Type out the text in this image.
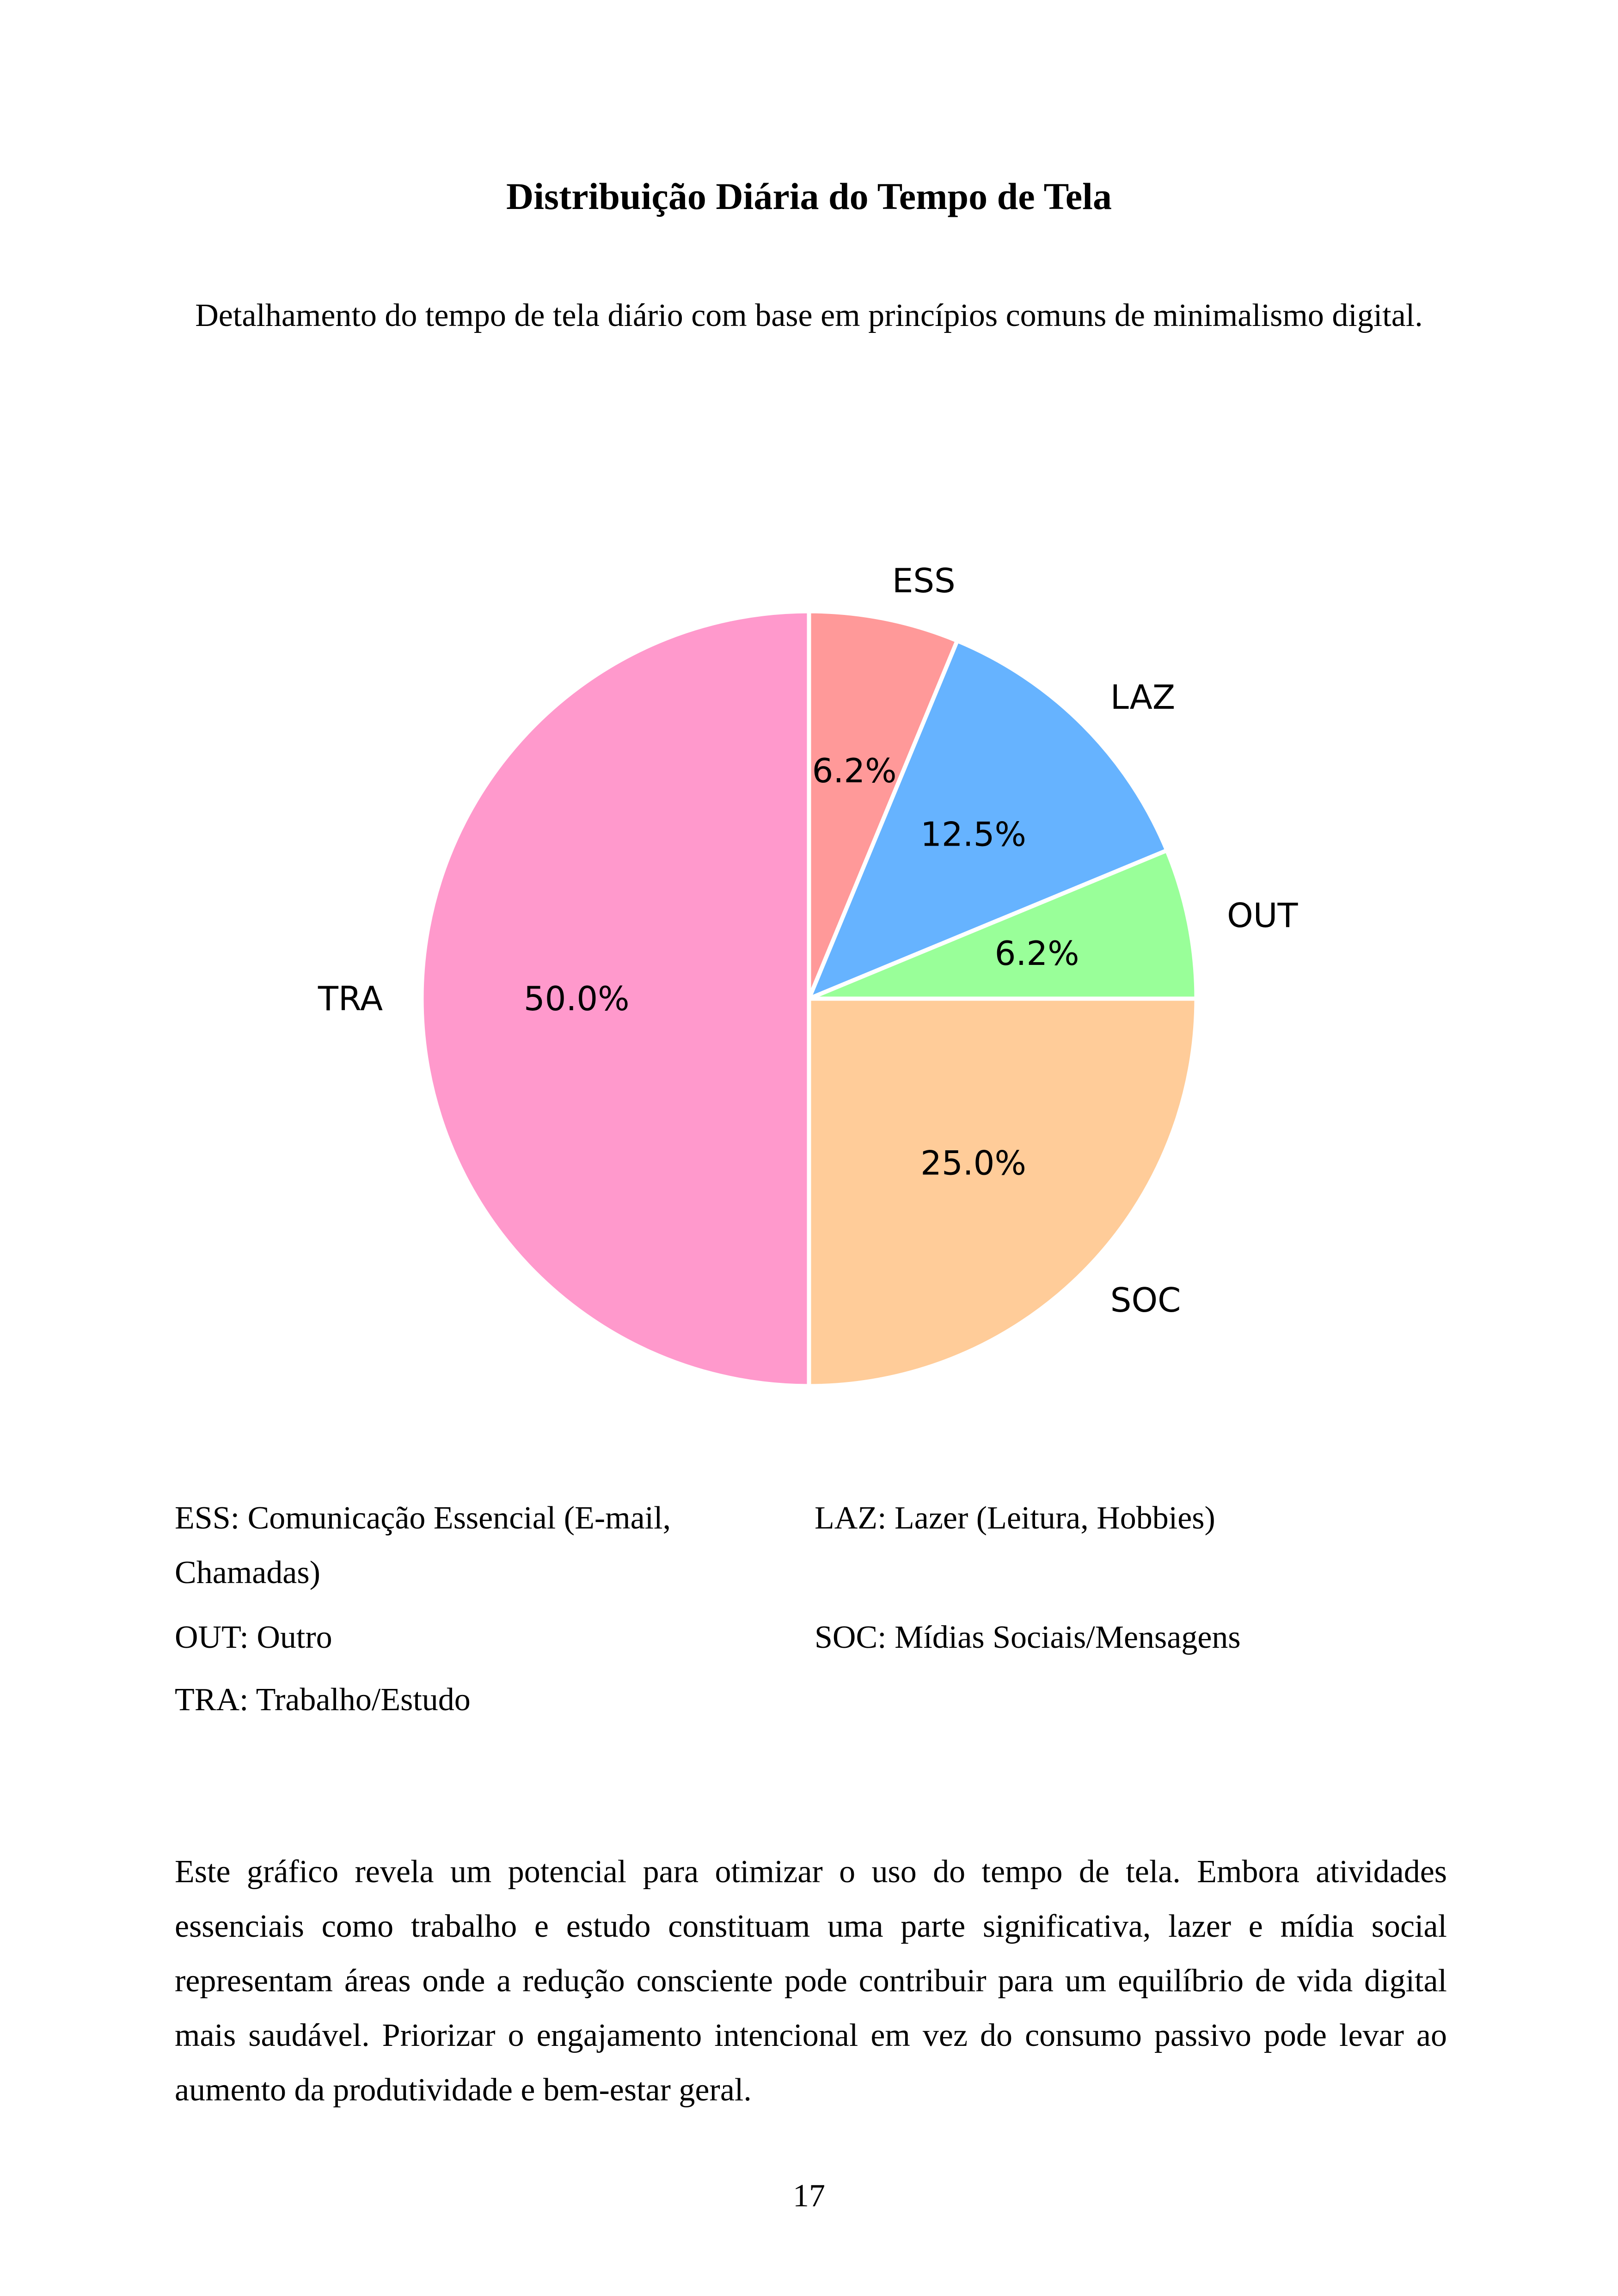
Distribuição Diária do Tempo de Tela
Detalhamento do tempo de tela diário com base em princípios comuns de minimalismo digital.
6.2%
ESS
12.5%
LAZ
6.2%
OUT
25.0%
SOC
50.0%
TRA
ESS: Comunicação Essencial (E-mail, Chamadas)
LAZ: Lazer (Leitura, Hobbies)
OUT: Outro	SOC: Mídias Sociais/Mensagens
TRA: Trabalho/Estudo
Este gráfico revela um potencial para otimizar o uso do tempo de tela. Embora atividades essenciais como trabalho e estudo constituam uma parte significativa, lazer e mídia social representam áreas onde a redução consciente pode contribuir para um equilíbrio de vida digital mais saudável. Priorizar o engajamento intencional em vez do consumo passivo pode levar ao aumento da produtividade e bem-estar geral.
17
